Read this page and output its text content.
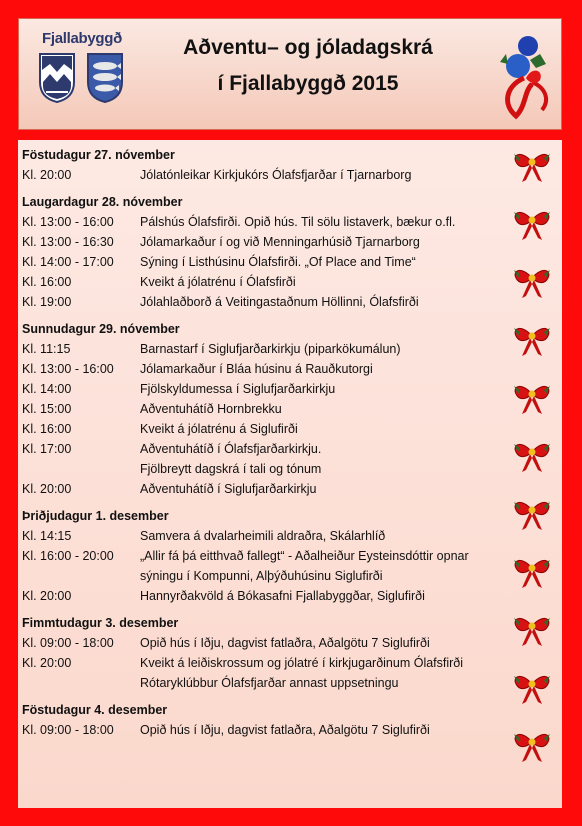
Fjallabyggð	Aðventu– og jóladagskrá
í Fjallabyggð 2015
Föstudagur 27. nóvember
Kl. 20:00	Jólatónleikar Kirkjukórs Ólafsfjarðar í Tjarnarborg
Laugardagur 28. nóvember
Kl. 13:00 - 16:00	Pálshús Ólafsfirði. Opið hús. Til sölu listaverk, bækur o.fl.
Kl. 13:00 - 16:30	Jólamarkaður í og við Menningarhúsið Tjarnarborg
Kl. 14:00 - 17:00	Sýning í Listhúsinu Ólafsfirði. „Of Place and Time“
Kl. 16:00	Kveikt á jólatrénu í Ólafsfirði
Kl. 19:00	Jólahlaðborð á Veitingastaðnum Höllinni, Ólafsfirði
Sunnudagur 29. nóvember
Kl. 11:15	Barnastarf í Siglufjarðarkirkju (piparkökumálun)
Kl. 13:00 - 16:00	Jólamarkaður í Bláa húsinu á Rauðkutorgi
Kl. 14:00	Fjölskyldumessa í Siglufjarðarkirkju
Kl. 15:00	Aðventuhátíð Hornbrekku
Kl. 16:00	Kveikt á jólatrénu á Siglufirði
Kl. 17:00	Aðventuhátíð í Ólafsfjarðarkirkju.
Fjölbreytt dagskrá í tali og tónum
Kl. 20:00	Aðventuhátíð í Siglufjarðarkirkju
Þriðjudagur 1. desember
Kl. 14:15	Samvera á dvalarheimili aldraðra, Skálarhlíð
Kl. 16:00 - 20:00	„Allir fá þá eitthvað fallegt“ - Aðalheiður Eysteinsdóttir opnar
sýningu í Kompunni, Alþýðuhúsinu Siglufirði
Kl. 20:00	Hannyrðakvöld á Bókasafni Fjallabyggðar, Siglufirði
Fimmtudagur 3. desember
Kl. 09:00 - 18:00	Opið hús í Iðju, dagvist fatlaðra, Aðalgötu 7 Siglufirði
Kl. 20:00	Kveikt á leiðiskrossum og jólatré í kirkjugarðinum Ólafsfirði
Rótaryklúbbur Ólafsfjarðar annast uppsetningu
Föstudagur 4. desember
Kl. 09:00 - 18:00	Opið hús í Iðju, dagvist fatlaðra, Aðalgötu 7 Siglufirði
